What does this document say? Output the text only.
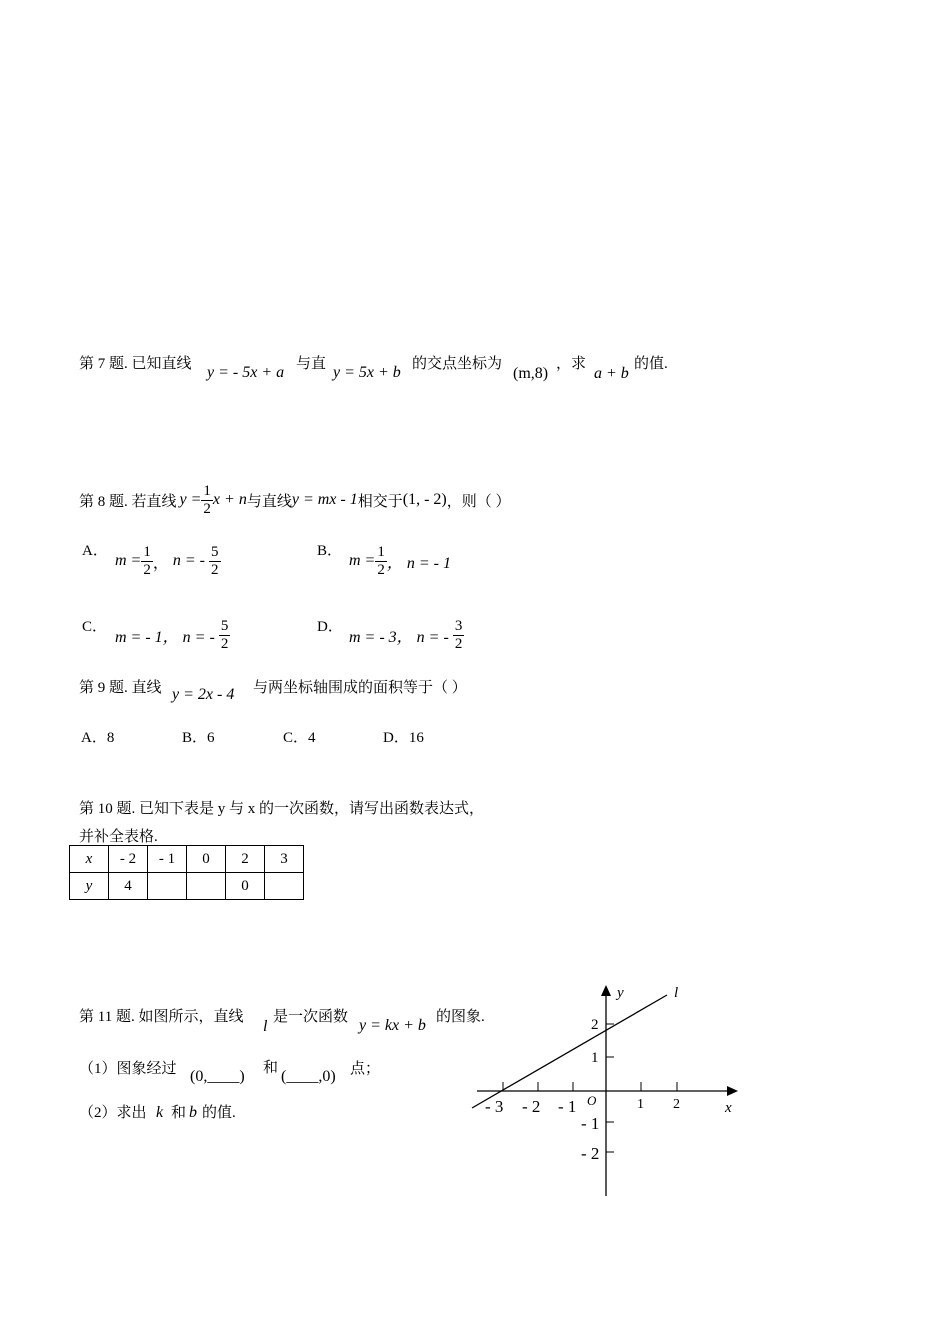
第 7 题. 已知直线 y = - 5x + a 与直 y = 5x + b 的交点坐标为
(m,8)
，求
a + b
的值.
第 8 题. 若直线 $y = \frac{1}{2}$ x + n 与直线 y = mx - 1 相交于 (1, - 2) ，则（ ）
A．
$m = \frac{1}{2}$ ， n = - $\frac{5}{2}$	B．
$m = \frac{1}{2}$ ， n = - 1
C．
m = - 1， n = - $\frac{5}{2}$	D．
m = - 3， n = - $\frac{3}{2}$
第 9 题. 直线 y = 2x - 4 与两坐标轴围成的面积等于（ ）
A．8	B．6	C．4	D．16
第 10 题. 已知下表是 y 与 x 的一次函数，请写出函数表达式，
并补全表格.
x	- 2	- 1	0	2	3
y	4			0	
第 11 题. 如图所示，直线
l
是一次函数 y = kx + b 的图象.
（1）图象经过 (0,____) 和 (____,0) 点；
（2）求出 k 和 b 的值.
y
x
l
O
- 3 - 2 - 1	1 2
2
1
- 1
- 2
